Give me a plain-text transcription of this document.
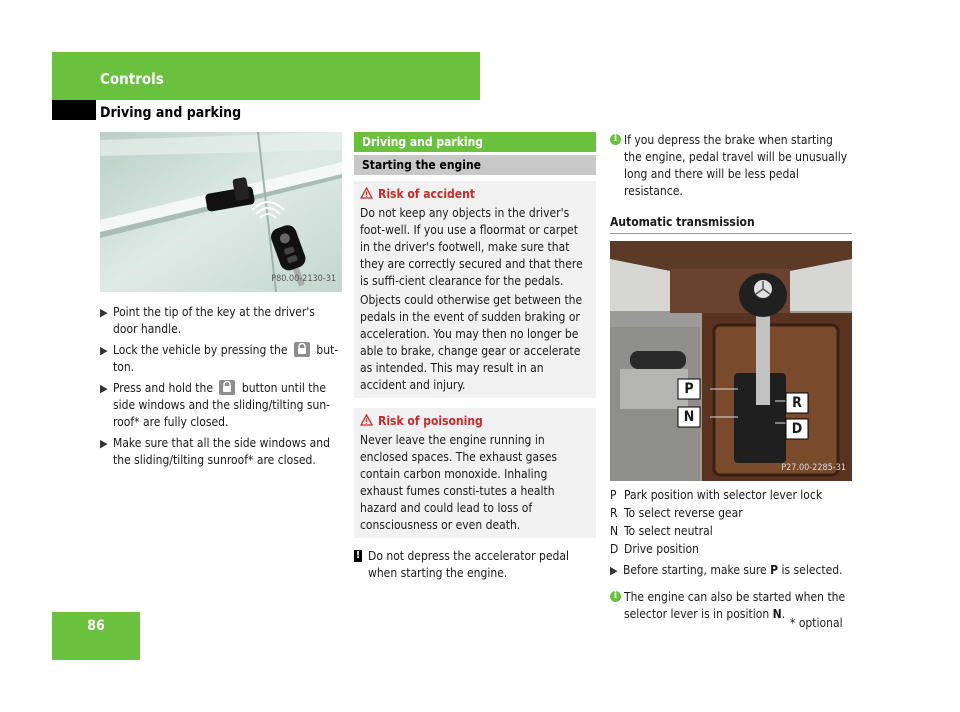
Controls
Driving and parking
P80.00-2130-31
▶ Point the tip of the key at the driver's door handle.
▶ Lock the vehicle by pressing the but-ton.
▶ Press and hold the button until the side windows and the sliding/tilting sun-roof* are fully closed.
▶ Make sure that all the side windows and the sliding/tilting sunroof* are closed.
Driving and parking
Starting the engine
Risk of accident

Do not keep any objects in the driver's foot-well. If you use a floormat or carpet in the driver's footwell, make sure that they are correctly secured and that there is suffi-cient clearance for the pedals.

Objects could otherwise get between the pedals in the event of sudden braking or acceleration. You may then no longer be able to brake, change gear or accelerate as intended. This may result in an accident and injury.

Risk of poisoning

Never leave the engine running in enclosed spaces. The exhaust gases contain carbon monoxide. Inhaling exhaust fumes consti-tutes a health hazard and could lead to loss of consciousness or even death.

! Do not depress the accelerator pedal when starting the engine.
i If you depress the brake when starting the engine, pedal travel will be unusually long and there will be less pedal resistance.
Automatic transmission
P
N
R
D
P27.00-2285-31
P Park position with selector lever lock
R To select reverse gear
N To select neutral
D Drive position
▶ Before starting, make sure P is selected.
i The engine can also be started when the selector lever is in position N.
86	* optional
